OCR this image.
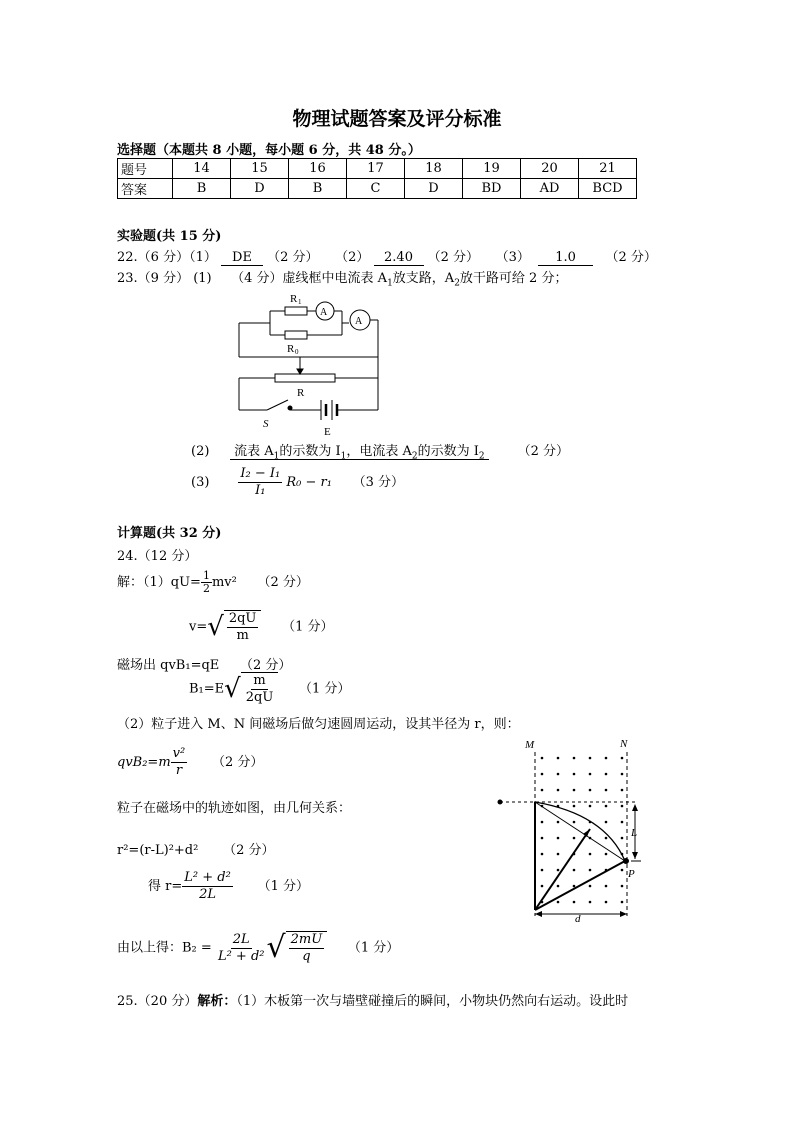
物理试题答案及评分标准
选择题（本题共 8 小题，每小题 6 分，共 48 分。）
题号	14	15	16	17	18	19	20	21
答案	B	D	B	C	D	BD	AD	BCD
实验题(共 15 分)
22.（6 分）（1） DE （2 分） （2） 2.40 （2 分） （3） 1.0 （2 分）
23.（9 分） (1)　　（4 分）虚线框中电流表 $A_1$放支路，$A_2$放干路可给 2 分；
R 1
A
A
R 0
R
S
E
(2) 流表 $A_1$的示数为 $I_1$，电流表 $A_2$的示数为 $I_2$	（2 分）
$(3) \frac{\text{I₂ − I₁}}{\text{I₁}} R_0 - r_1$ （3 分）
计算题(共 32 分)
24.（12 分）
解：$(1)qU= \frac{1}{2} mv^2$ （2 分）
v= √ $\frac{2qU}{m} (1$ 分）
磁场出 qvB₁=qE （2 分）
B₁=E √ $\frac{m}{2qU} (1$ 分）
（2）粒子进入 M、N 间磁场后做匀速圆周运动，设其半径为 r，则：
$qvB_2=m \frac{\text{v²}}{r} (2$ 分）
粒子在磁场中的轨迹如图，由几何关系：
r²=(r-L)²+d² （2 分）
得 $r= \frac{\text{L² + d²}}{2L} (1$ 分）
由以上得：$B_2 = \frac{2L}{\text{L² + d²}}$ √ $\frac{2mU}{q} (1$ 分）
M	N
L
P
d
25.（20 分）解析：（1）木板第一次与墙壁碰撞后的瞬间，小物块仍然向右运动。设此时
